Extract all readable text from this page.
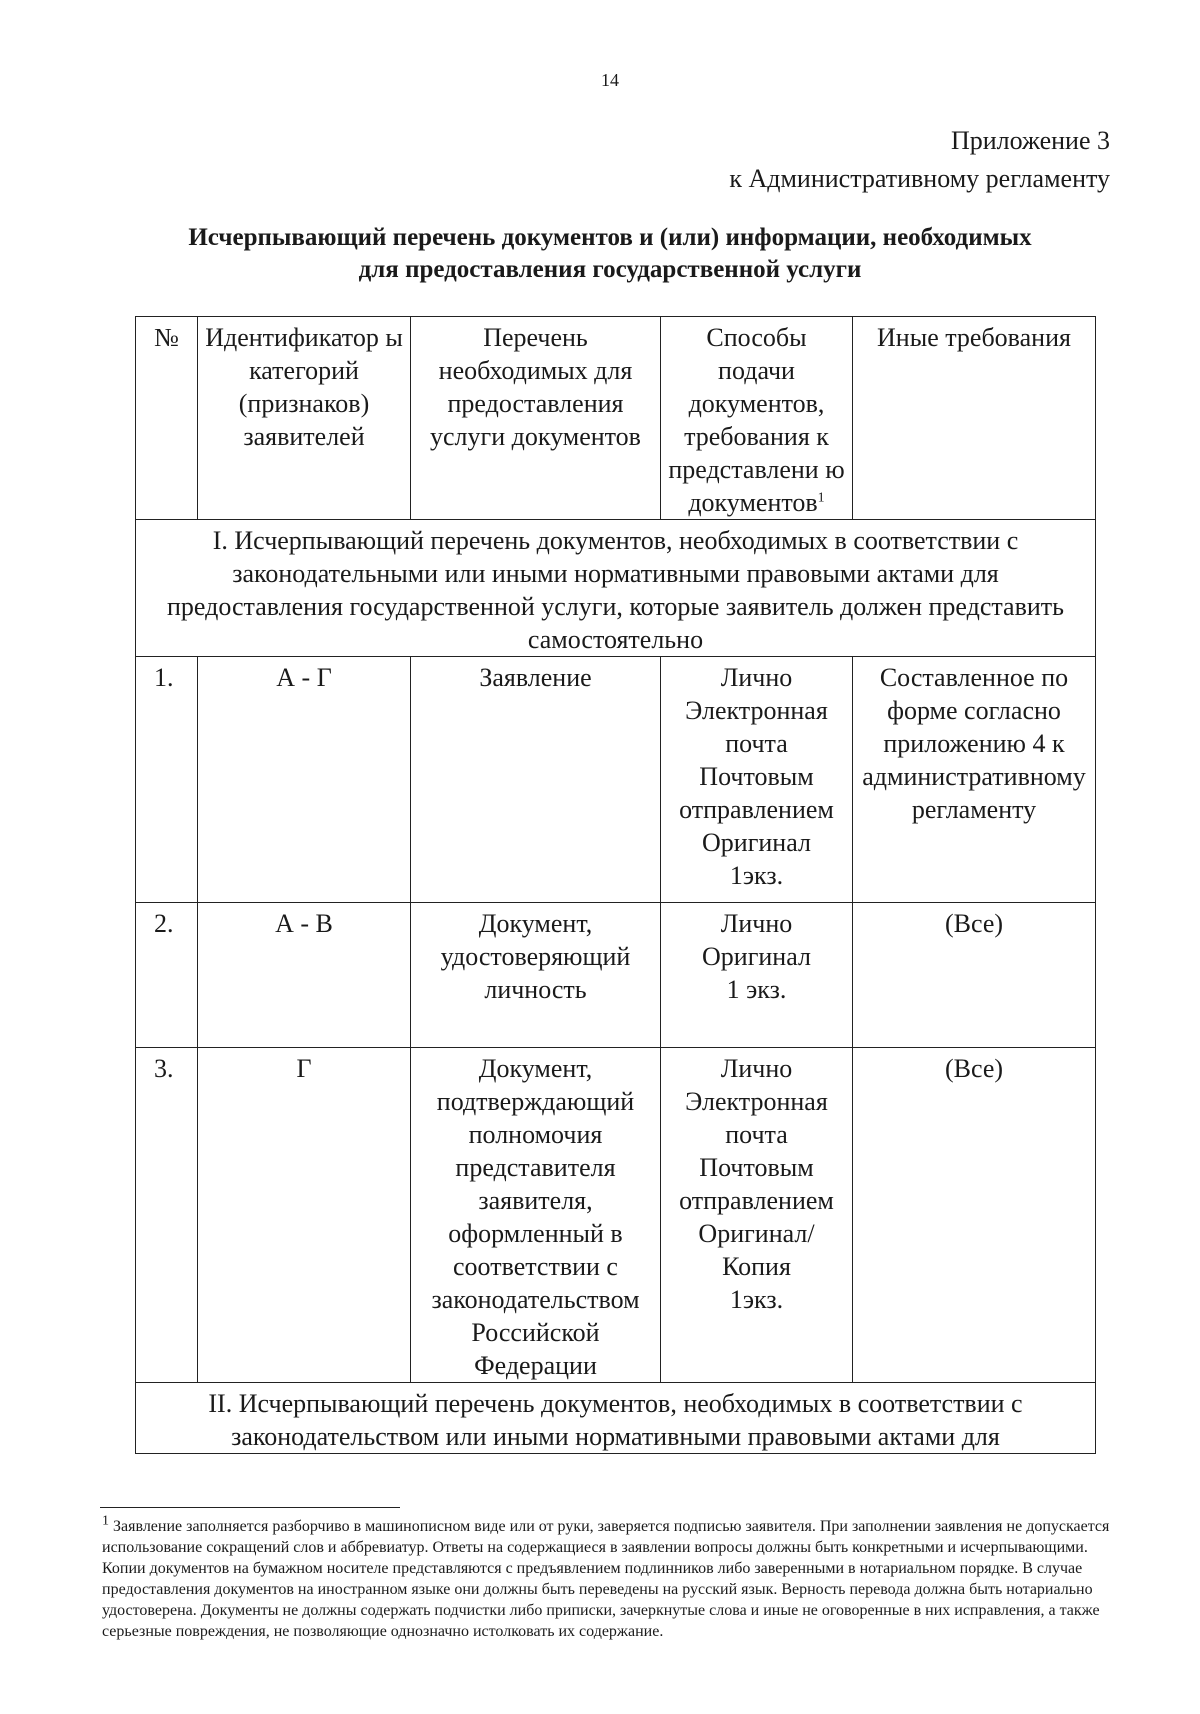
14
Приложение 3
к Административному регламенту
Исчерпывающий перечень документов и (или) информации, необходимых
для предоставления государственной услуги
№	Идентификатор ы категорий (признаков) заявителей	Перечень необходимых для предоставления услуги документов	Способы подачи документов, требования к представлени ю документов$^1$	Иные требования
I. Исчерпывающий перечень документов, необходимых в соответствии с законодательными или иными нормативными правовыми актами для предоставления государственной услуги, которые заявитель должен представить самостоятельно				
1.	А - Г	Заявление	Лично
Электронная почта
Почтовым отправлением
Оригинал
1экз.	Составленное по форме согласно приложению 4 к административному регламенту
2.	А - В	Документ, удостоверяющий личность	Лично
Оригинал
1 экз.	(Все)
3.	Г	Документ, подтверждающий полномочия представителя заявителя, оформленный в соответствии с законодательством Российской Федерации	Лично
Электронная почта
Почтовым отправлением
Оригинал/Копия
1экз.	(Все)
II. Исчерпывающий перечень документов, необходимых в соответствии с законодательством или иными нормативными правовыми актами для				

$^1$ Заявление заполняется разборчиво в машинописном виде или от руки, заверяется подписью заявителя. При заполнении заявления не допускается использование сокращений слов и аббревиатур. Ответы на содержащиеся в заявлении вопросы должны быть конкретными и исчерпывающими.

Копии документов на бумажном носителе представляются с предъявлением подлинников либо заверенными в нотариальном порядке. В случае предоставления документов на иностранном языке они должны быть переведены на русский язык. Верность перевода должна быть нотариально удостоверена. Документы не должны содержать подчистки либо приписки, зачеркнутые слова и иные не оговоренные в них исправления, а также серьезные повреждения, не позволяющие однозначно истолковать их содержание.
